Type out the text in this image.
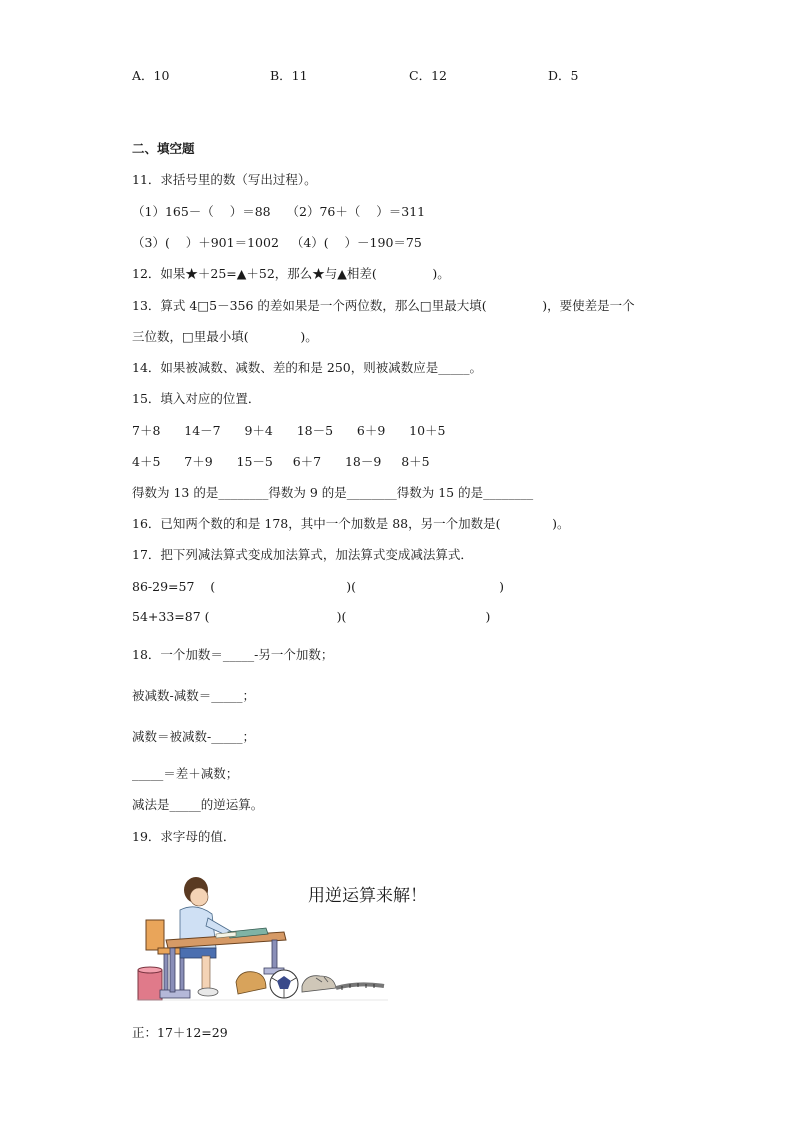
A．10	B．11	C．12	D．5
二、填空题
11．求括号里的数（写出过程）。
（1）165－（    ）＝88    （2）76＋（    ）＝311
（3）(    ）＋901＝1002   （4）(    ）－190＝75
12．如果★＋25=▲＋52，那么★与▲相差(              )。
13．算式 4□5－356 的差如果是一个两位数，那么□里最大填(              )，要使差是一个
三位数，□里最小填(             )。
14．如果被减数、减数、差的和是 250，则被减数应是_____。
15．填入对应的位置．
7＋8      14－7      9＋4      18－5      6＋9      10＋5
4＋5      7＋9      15－5     6＋7      18－9     8＋5
得数为 13 的是________得数为 9 的是________得数为 15 的是________
16．已知两个数的和是 178，其中一个加数是 88，另一个加数是(             )。
17．把下列减法算式变成加法算式，加法算式变成减法算式．
86-29=57    (                                 )(                                    )
54+33=87 (                                )(                                   )
18．一个加数＝_____-另一个加数；
被减数-减数＝_____；
减数＝被减数-_____；
_____＝差＋减数；
减法是_____的逆运算。
19．求字母的值．
用逆运算来解！
正：17＋12=29
